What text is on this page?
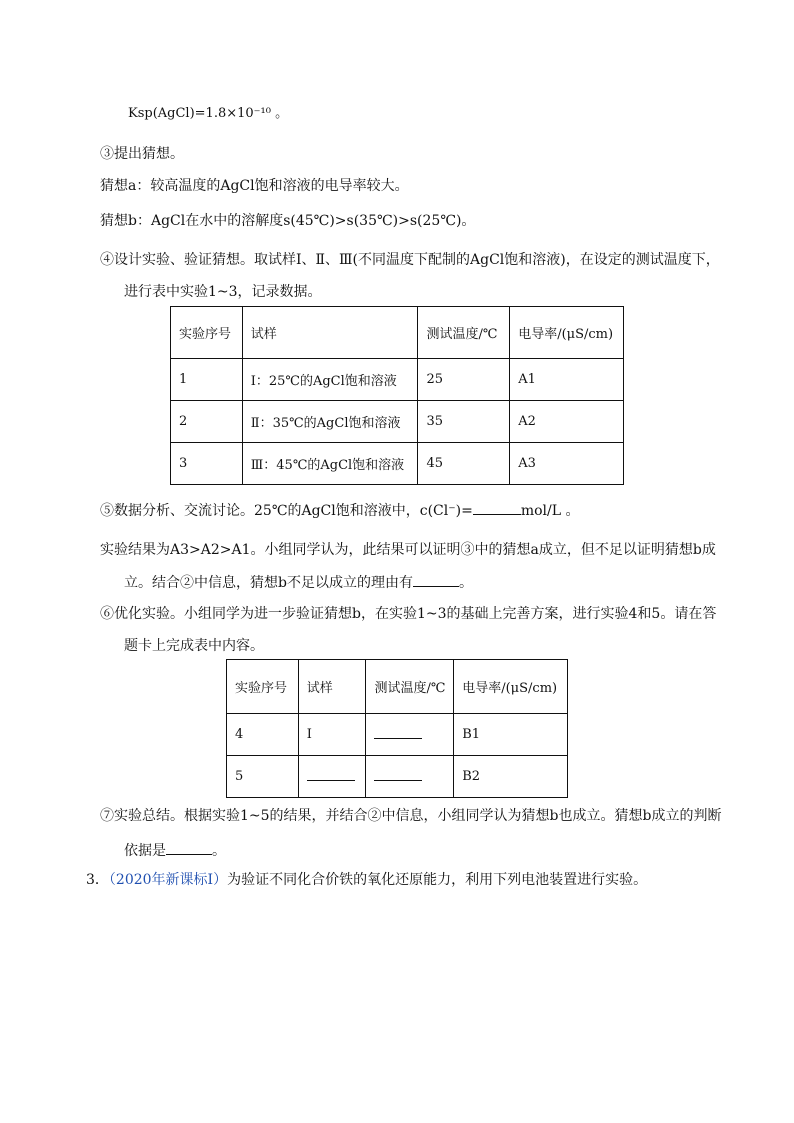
Ksp(AgCl)=1.8×10⁻¹⁰ 。
③提出猜想。
猜想a：较高温度的AgCl饱和溶液的电导率较大。
猜想b：AgCl在水中的溶解度s(45℃)>s(35℃)>s(25℃)。
④设计实验、验证猜想。取试样Ⅰ、Ⅱ、Ⅲ(不同温度下配制的AgCl饱和溶液)，在设定的测试温度下，
进行表中实验1~3，记录数据。
实验序号	试样	测试温度/℃	电导率/(μS/cm)
1	Ⅰ：25℃的AgCl饱和溶液	25	A1
2	Ⅱ：35℃的AgCl饱和溶液	35	A2
3	Ⅲ：45℃的AgCl饱和溶液	45	A3
⑤数据分析、交流讨论。25℃的AgCl饱和溶液中，c(Cl⁻)=	mol/L 。
实验结果为A3>A2>A1。小组同学认为，此结果可以证明③中的猜想a成立，但不足以证明猜想b成
立。结合②中信息，猜想b不足以成立的理由有	。
⑥优化实验。小组同学为进一步验证猜想b，在实验1~3的基础上完善方案，进行实验4和5。请在答
题卡上完成表中内容。
实验序号	试样	测试温度/℃	电导率/(μS/cm)
4	Ⅰ		B1
5			B2
⑦实验总结。根据实验1~5的结果，并结合②中信息，小组同学认为猜想b也成立。猜想b成立的判断
依据是	。
3．（2020年新课标Ⅰ）为验证不同化合价铁的氧化还原能力，利用下列电池装置进行实验。
